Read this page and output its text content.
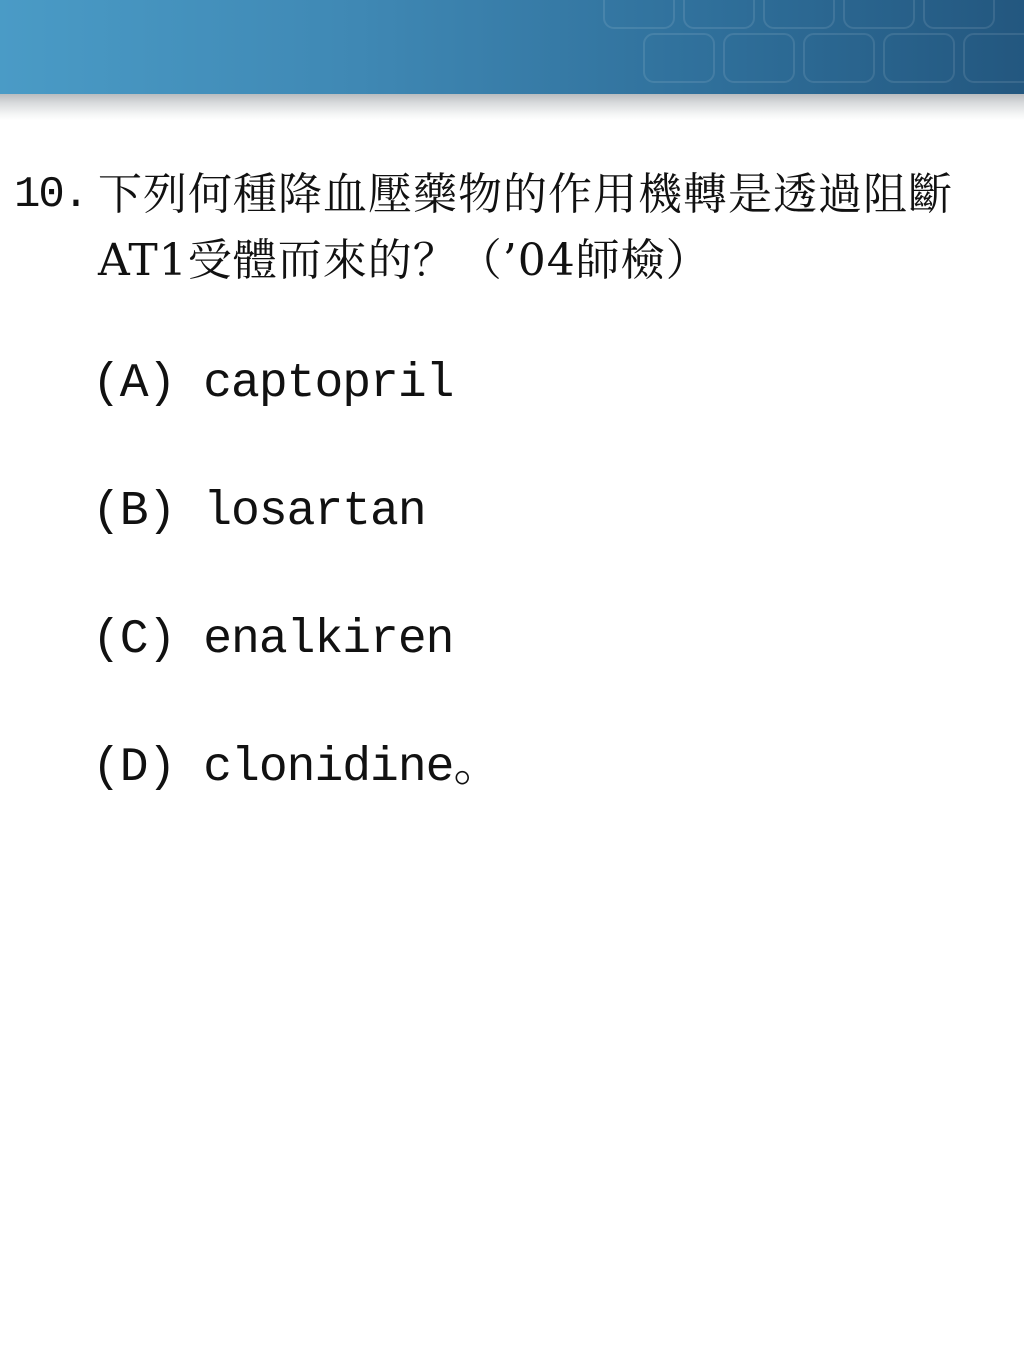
10. 下列何種降血壓藥物的作用機轉是透過阻斷AT1受體而來的？（’04師檢）
(A) captopril
(B) losartan
(C) enalkiren
(D) clonidine。
